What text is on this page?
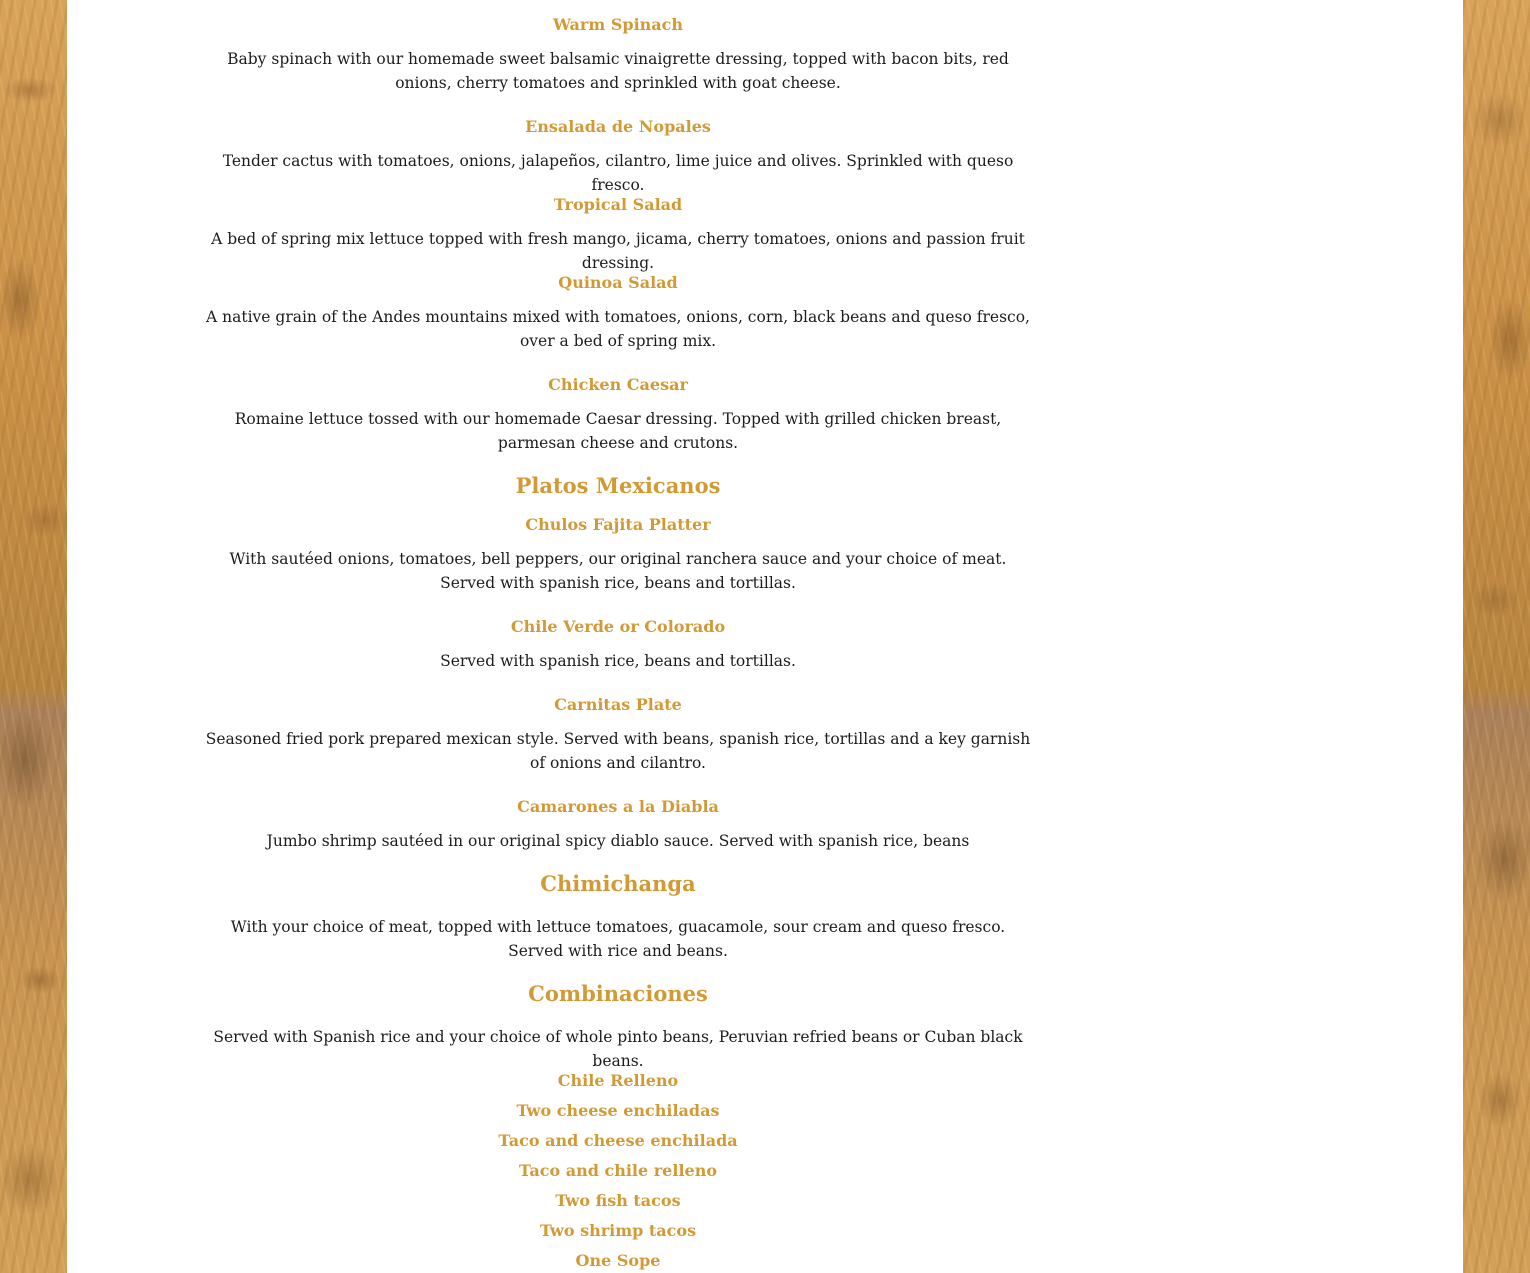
Warm Spinach
Baby spinach with our homemade sweet balsamic vinaigrette dressing, topped with bacon bits, red onions, cherry tomatoes and sprinkled with goat cheese.
Ensalada de Nopales
Tender cactus with tomatoes, onions, jalapeños, cilantro, lime juice and olives. Sprinkled with queso fresco.
Tropical Salad
A bed of spring mix lettuce topped with fresh mango, jicama, cherry tomatoes, onions and passion fruit dressing.
Quinoa Salad
A native grain of the Andes mountains mixed with tomatoes, onions, corn, black beans and queso fresco, over a bed of spring mix.
Chicken Caesar
Romaine lettuce tossed with our homemade Caesar dressing. Topped with grilled chicken breast, parmesan cheese and crutons.
Platos Mexicanos
Chulos Fajita Platter
With sautéed onions, tomatoes, bell peppers, our original ranchera sauce and your choice of meat. Served with spanish rice, beans and tortillas.
Chile Verde or Colorado
Served with spanish rice, beans and tortillas.
Carnitas Plate
Seasoned fried pork prepared mexican style. Served with beans, spanish rice, tortillas and a key garnish of onions and cilantro.
Camarones a la Diabla
Jumbo shrimp sautéed in our original spicy diablo sauce. Served with spanish rice, beans
Chimichanga
With your choice of meat, topped with lettuce tomatoes, guacamole, sour cream and queso fresco. Served with rice and beans.
Combinaciones
Served with Spanish rice and your choice of whole pinto beans, Peruvian refried beans or Cuban black beans.
Chile Relleno
Two cheese enchiladas
Taco and cheese enchilada
Taco and chile relleno
Two fish tacos
Two shrimp tacos
One Sope
